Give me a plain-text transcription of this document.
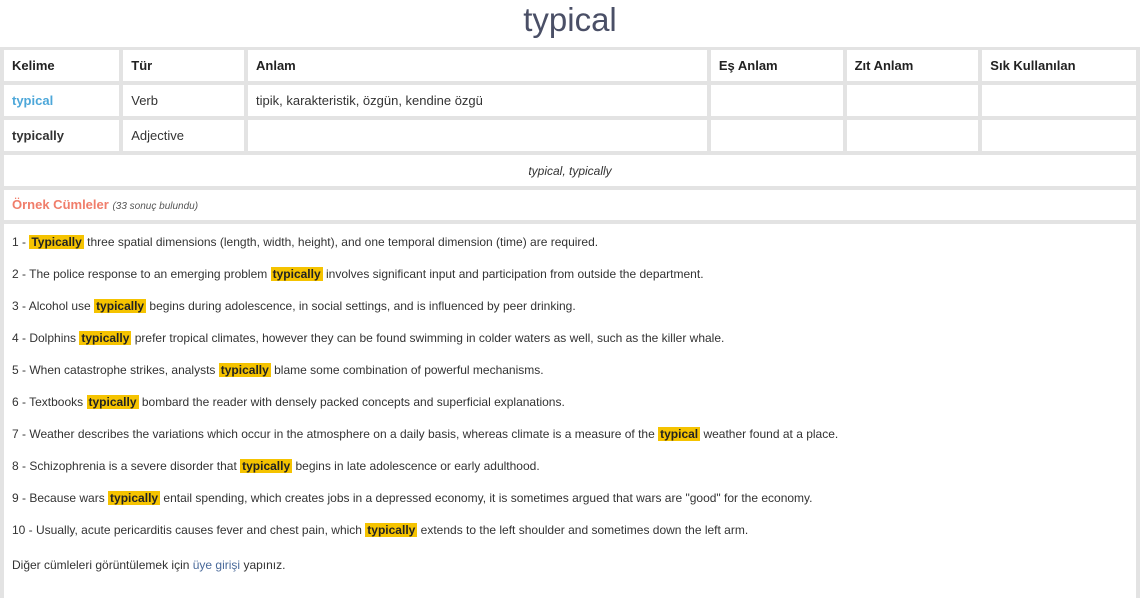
typical
Kelime	Tür	Anlam	Eş Anlam	Zıt Anlam	Sık Kullanılan
typical	Verb	tipik, karakteristik, özgün, kendine özgü			
typically	Adjective				
typical, typically					
Örnek Cümleler (33 sonuç bulundu)
1 - Typically three spatial dimensions (length, width, height), and one temporal dimension (time) are required.
2 - The police response to an emerging problem typically involves significant input and participation from outside the department.
3 - Alcohol use typically begins during adolescence, in social settings, and is influenced by peer drinking.
4 - Dolphins typically prefer tropical climates, however they can be found swimming in colder waters as well, such as the killer whale.
5 - When catastrophe strikes, analysts typically blame some combination of powerful mechanisms.
6 - Textbooks typically bombard the reader with densely packed concepts and superficial explanations.
7 - Weather describes the variations which occur in the atmosphere on a daily basis, whereas climate is a measure of the typical weather found at a place.
8 - Schizophrenia is a severe disorder that typically begins in late adolescence or early adulthood.
9 - Because wars typically entail spending, which creates jobs in a depressed economy, it is sometimes argued that wars are "good" for the economy.
10 - Usually, acute pericarditis causes fever and chest pain, which typically extends to the left shoulder and sometimes down the left arm.
Diğer cümleleri görüntülemek için üye girişi yapınız.
